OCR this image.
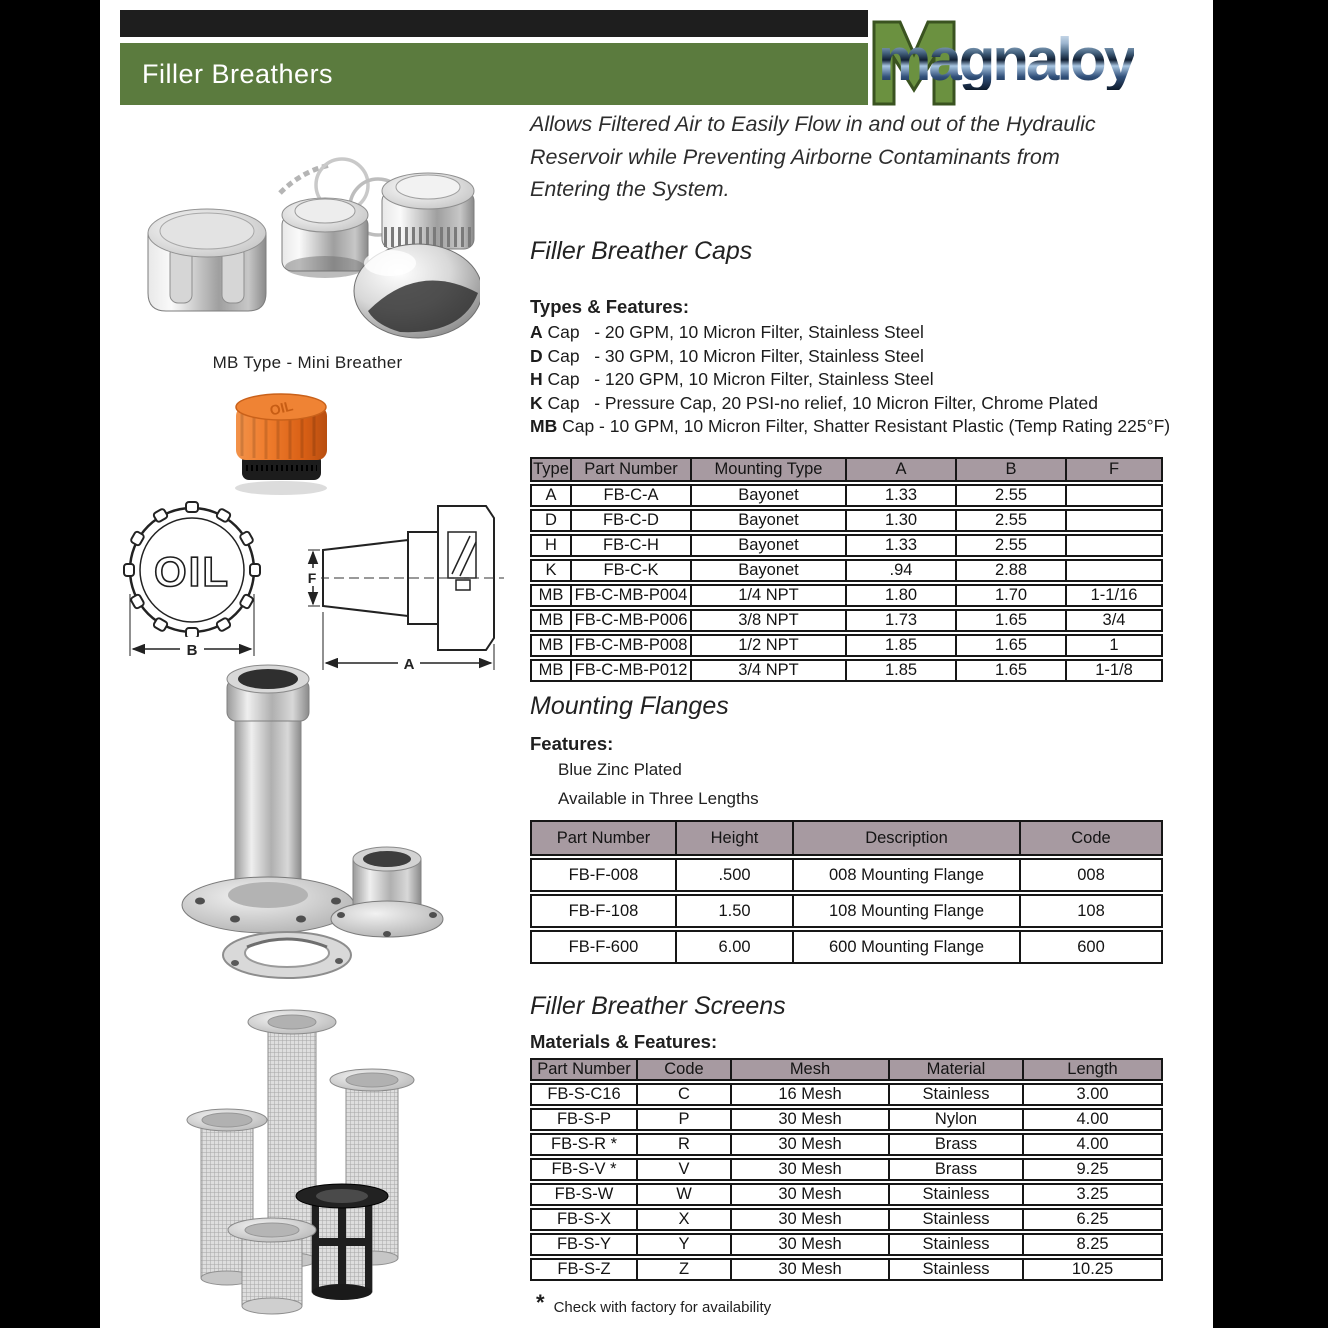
Filler Breathers	magnaloy
Allows Filtered Air to Easily Flow in and out of the Hydraulic
Reservoir while Preventing Airborne Contaminants from
Entering the System.
Filler Breather Caps
Types & Features:
A Cap   - 20 GPM, 10 Micron Filter, Stainless Steel
D Cap   - 30 GPM, 10 Micron Filter, Stainless Steel
H Cap   - 120 GPM, 10 Micron Filter, Stainless Steel
K Cap   - Pressure Cap, 20 PSI-no relief, 10 Micron Filter, Chrome Plated
MB Cap - 10 GPM, 10 Micron Filter, Shatter Resistant Plastic (Temp Rating 225°F)
Type	Part Number	Mounting Type	A	B	F
A	FB-C-A	Bayonet	1.33	2.55	
D	FB-C-D	Bayonet	1.30	2.55	
H	FB-C-H	Bayonet	1.33	2.55	
K	FB-C-K	Bayonet	.94	2.88	
MB	FB-C-MB-P004	1/4 NPT	1.80	1.70	1-1/16
MB	FB-C-MB-P006	3/8 NPT	1.73	1.65	3/4
MB	FB-C-MB-P008	1/2 NPT	1.85	1.65	1
MB	FB-C-MB-P012	3/4 NPT	1.85	1.65	1-1/8
Mounting Flanges
Features:
Blue Zinc Plated
Available in Three Lengths
Part Number	Height	Description	Code
FB-F-008	.500	008 Mounting Flange	008
FB-F-108	1.50	108 Mounting Flange	108
FB-F-600	6.00	600 Mounting Flange	600
Filler Breather Screens
Materials & Features:
Part Number	Code	Mesh	Material	Length
FB-S-C16	C	16 Mesh	Stainless	3.00
FB-S-P	P	30 Mesh	Nylon	4.00
FB-S-R *	R	30 Mesh	Brass	4.00
FB-S-V *	V	30 Mesh	Brass	9.25
FB-S-W	W	30 Mesh	Stainless	3.25
FB-S-X	X	30 Mesh	Stainless	6.25
FB-S-Y	Y	30 Mesh	Stainless	8.25
FB-S-Z	Z	30 Mesh	Stainless	10.25
* Check with factory for availability
MB Type - Mini Breather
OIL
OIL
B
F
A
